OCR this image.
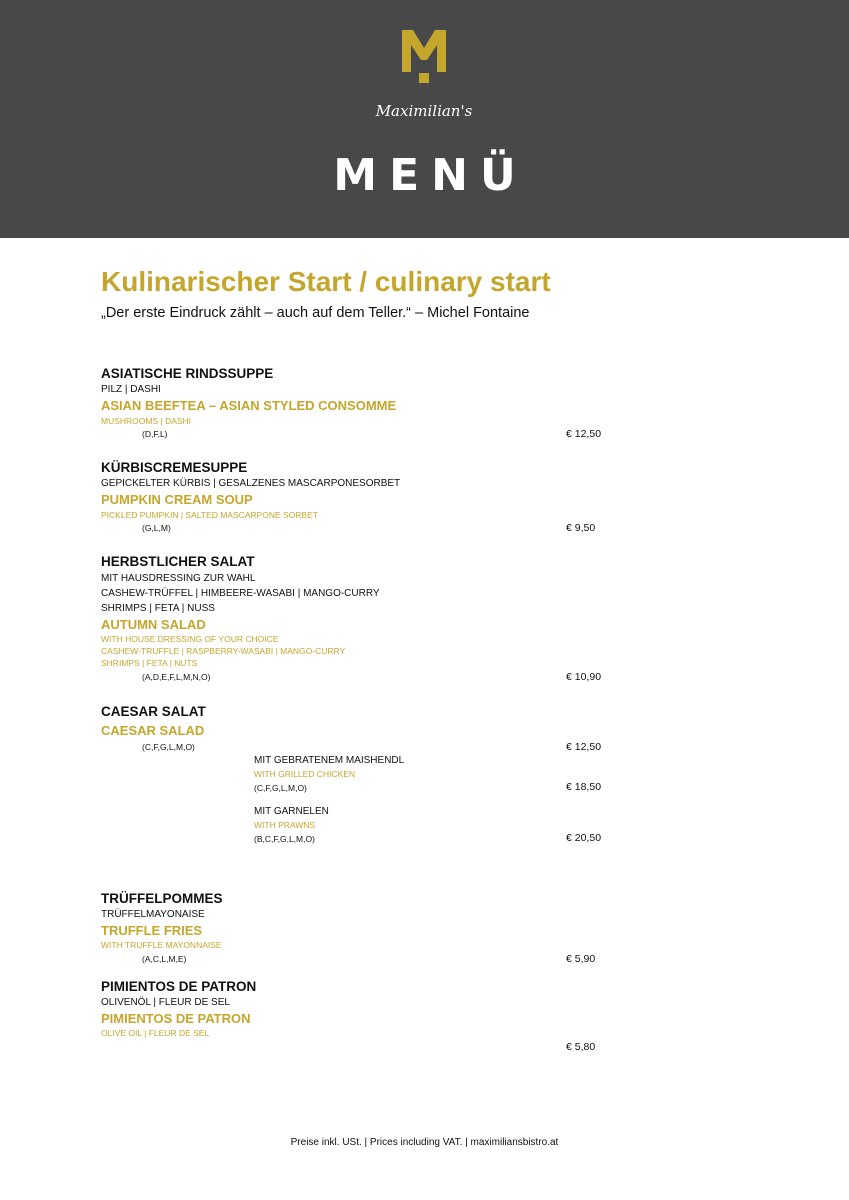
Maximilian's
MENÜ
Kulinarischer Start / culinary start
„Der erste Eindruck zählt – auch auf dem Teller.“ – Michel Fontaine
ASIATISCHE RINDSSUPPE
PILZ | DASHI
ASIAN BEEFTEA – ASIAN STYLED CONSOMME
MUSHROOMS | DASHI
(D,F,L)	€ 12,50
KÜRBISCREMESUPPE
GEPICKELTER KÜRBIS | GESALZENES MASCARPONESORBET
PUMPKIN CREAM SOUP
PICKLED PUMPKIN | SALTED MASCARPONE SORBET
(G,L,M)	€ 9,50
HERBSTLICHER SALAT
MIT HAUSDRESSING ZUR WAHL
CASHEW-TRÜFFEL | HIMBEERE-WASABI | MANGO-CURRY
SHRIMPS | FETA | NUSS
AUTUMN SALAD
WITH HOUSE DRESSING OF YOUR CHOICE
CASHEW-TRUFFLE | RASPBERRY-WASABI | MANGO-CURRY
SHRIMPS | FETA | NUTS
(A,D,E,F,L,M,N,O)	€ 10,90
CAESAR SALAT
CAESAR SALAD
(C,F,G,L,M,O)	€ 12,50
MIT GEBRATENEM MAISHENDL
WITH GRILLED CHICKEN
(C,F,G,L,M,O)	€ 18,50
MIT GARNELEN
WITH PRAWNS
(B,C,F,G,L,M,O)	€ 20,50
TRÜFFELPOMMES
TRÜFFELMAYONAISE
TRUFFLE FRIES
WITH TRUFFLE MAYONNAISE
(A,C,L,M,E)	€ 5,90
PIMIENTOS DE PATRON
OLIVENÖL | FLEUR DE SEL
PIMIENTOS DE PATRON
OLIVE OIL | FLEUR DE SEL
€ 5,80
Preise inkl. USt. | Prices including VAT. | maximiliansbistro.at
